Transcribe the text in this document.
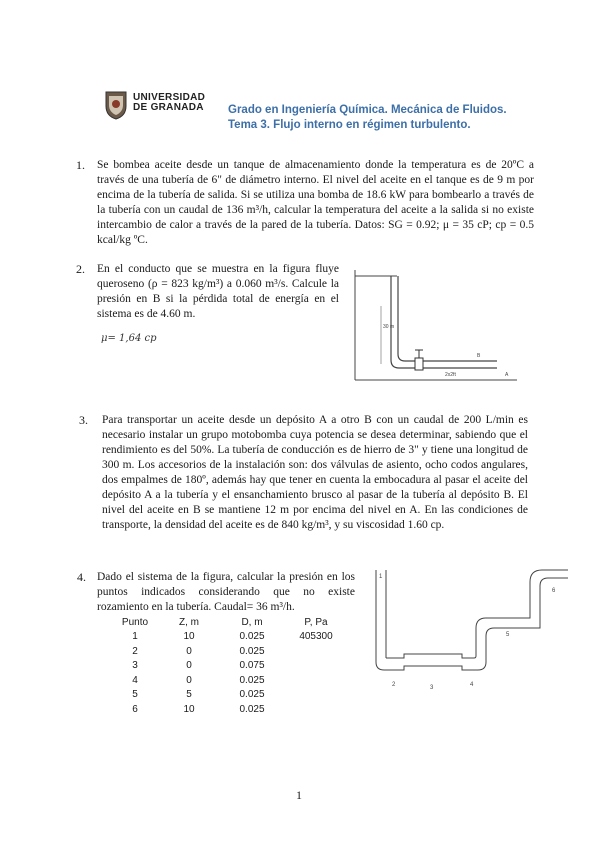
UNIVERSIDAD
DE GRANADA Grado en Ingeniería Química. Mecánica de Fluidos.
Tema 3. Flujo interno en régimen turbulento.
1. Se bombea aceite desde un tanque de almacenamiento donde la temperatura es de 20ºC a través de una tubería de 6" de diámetro interno. El nivel del aceite en el tanque es de 9 m por encima de la tubería de salida. Si se utiliza una bomba de 18.6 kW para bombearlo a través de la tubería con un caudal de 136 m³/h, calcular la temperatura del aceite a la salida si no existe intercambio de calor a través de la pared de la tubería. Datos: SG = 0.92; μ = 35 cP; cp = 0.5 kcal/kg ºC.
2. En el conducto que se muestra en la figura fluye queroseno (ρ = 823 kg/m³) a 0.060 m³/s. Calcule la presión en B si la pérdida total de energía en el sistema es de 4.60 m.
μ= 1,64 cp
30 m
B
2x2ft	A
3. Para transportar un aceite desde un depósito A a otro B con un caudal de 200 L/min es necesario instalar un grupo motobomba cuya potencia se desea determinar, sabiendo que el rendimiento es del 50%. La tubería de conducción es de hierro de 3" y tiene una longitud de 300 m. Los accesorios de la instalación son: dos válvulas de asiento, ocho codos angulares, dos empalmes de 180º, además hay que tener en cuenta la embocadura al pasar el aceite del depósito A a la tubería y el ensanchamiento brusco al pasar de la tubería al depósito B. El nivel del aceite en B se mantiene 12 m por encima del nivel en A. En las condiciones de transporte, la densidad del aceite es de 840 kg/m³, y su viscosidad 1.60 cp.
4. Dado el sistema de la figura, calcular la presión en los puntos indicados considerando que no existe rozamiento en la tubería. Caudal= 36 m³/h.
Punto	Z, m	D, m	P, Pa
1	10	0.025	405300
2	0	0.025	
3	0	0.075	
4	0	0.025	
5	5	0.025	
6	10	0.025	
1
2	3	4
5
6
1
